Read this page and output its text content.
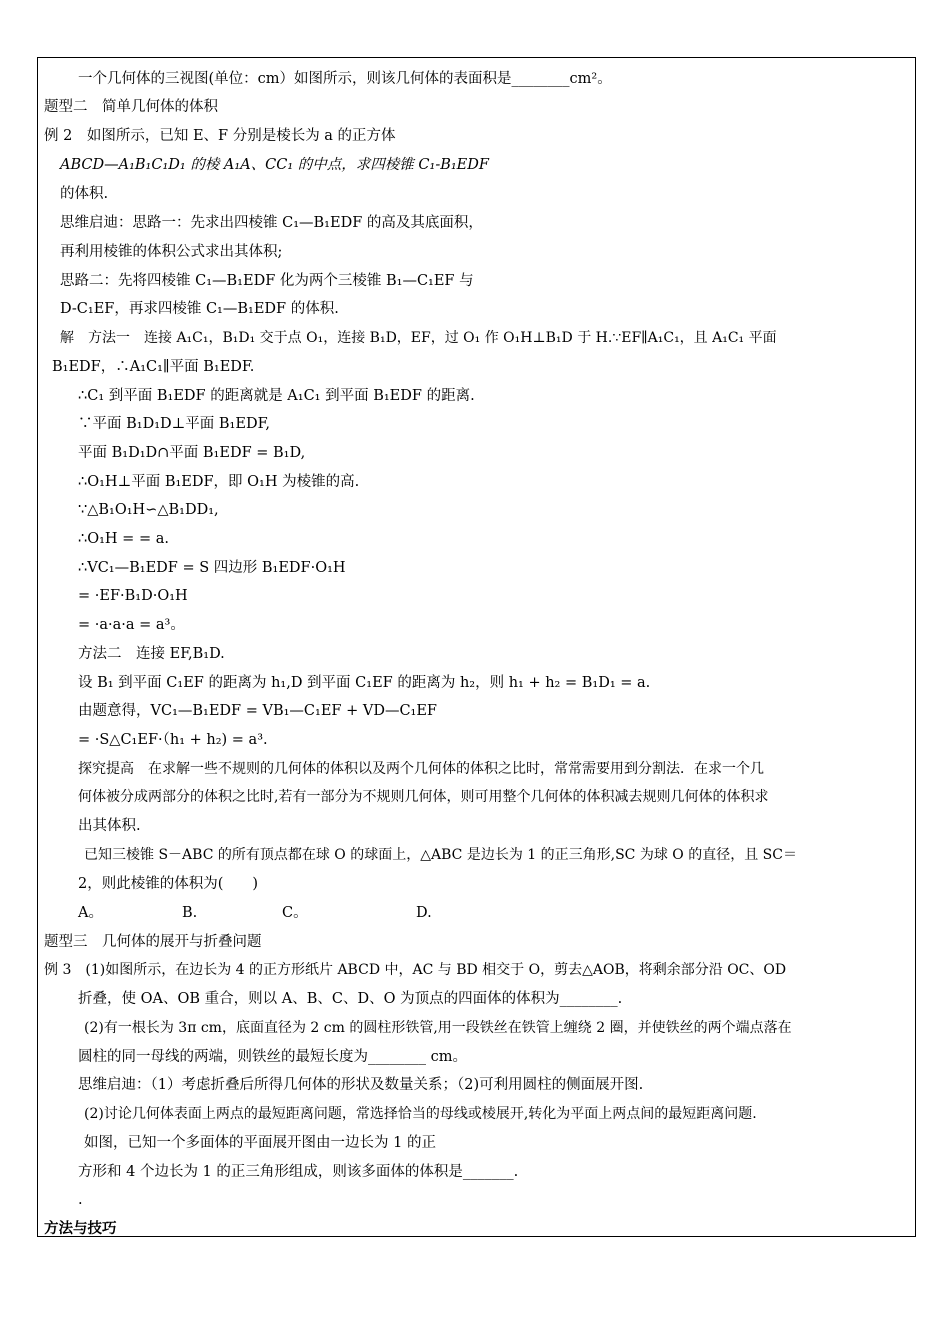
一个几何体的三视图(单位：cm）如图所示，则该几何体的表面积是________cm²。
题型二　简单几何体的体积
例 2　如图所示，已知 E、F 分别是棱长为 a 的正方体
ABCD—A₁B₁C₁D₁ 的棱 A₁A、CC₁ 的中点，求四棱锥 C₁-B₁EDF
的体积.
思维启迪：思路一：先求出四棱锥 C₁—B₁EDF 的高及其底面积，
再利用棱锥的体积公式求出其体积;
思路二：先将四棱锥 C₁—B₁EDF 化为两个三棱锥 B₁—C₁EF 与
D-C₁EF，再求四棱锥 C₁—B₁EDF 的体积.
解　方法一　连接 A₁C₁，B₁D₁ 交于点 O₁，连接 B₁D，EF，过 O₁ 作 O₁H⊥B₁D 于 H.∵EF∥A₁C₁，且 A₁C₁ 平面
B₁EDF，∴A₁C₁∥平面 B₁EDF.
∴C₁ 到平面 B₁EDF 的距离就是 A₁C₁ 到平面 B₁EDF 的距离.
∵平面 B₁D₁D⊥平面 B₁EDF,
平面 B₁D₁D∩平面 B₁EDF = B₁D,
∴O₁H⊥平面 B₁EDF，即 O₁H 为棱锥的高.
∵△B₁O₁H∽△B₁DD₁,
∴O₁H = = a.
∴VC₁—B₁EDF = S 四边形 B₁EDF·O₁H
= ·EF·B₁D·O₁H
= ·a·a·a = a³。
方法二　连接 EF,B₁D.
设 B₁ 到平面 C₁EF 的距离为 h₁,D 到平面 C₁EF 的距离为 h₂，则 h₁ + h₂ = B₁D₁ = a.
由题意得，VC₁—B₁EDF = VB₁—C₁EF + VD—C₁EF
= ·S△C₁EF·（h₁ + h₂) = a³.
探究提高　在求解一些不规则的几何体的体积以及两个几何体的体积之比时，常常需要用到分割法．在求一个几
何体被分成两部分的体积之比时,若有一部分为不规则几何体，则可用整个几何体的体积减去规则几何体的体积求
出其体积.
已知三棱锥 S－ABC 的所有顶点都在球 O 的球面上，△ABC 是边长为 1 的正三角形,SC 为球 O 的直径，且 SC＝
2，则此棱锥的体积为(　　)
A。	B.	C。	D.
题型三　几何体的展开与折叠问题
例 3　(1)如图所示，在边长为 4 的正方形纸片 ABCD 中，AC 与 BD 相交于 O，剪去△AOB，将剩余部分沿 OC、OD
折叠，使 OA、OB 重合，则以 A、B、C、D、O 为顶点的四面体的体积为________.
(2)有一根长为 3π cm，底面直径为 2 cm 的圆柱形铁管,用一段铁丝在铁管上缠绕 2 圈，并使铁丝的两个端点落在
圆柱的同一母线的两端，则铁丝的最短长度为________ cm。
思维启迪：（1）考虑折叠后所得几何体的形状及数量关系；（2)可利用圆柱的侧面展开图.
(2)讨论几何体表面上两点的最短距离问题，常选择恰当的母线或棱展开,转化为平面上两点间的最短距离问题.
如图，已知一个多面体的平面展开图由一边长为 1 的正
方形和 4 个边长为 1 的正三角形组成，则该多面体的体积是_______.
.
方法与技巧
